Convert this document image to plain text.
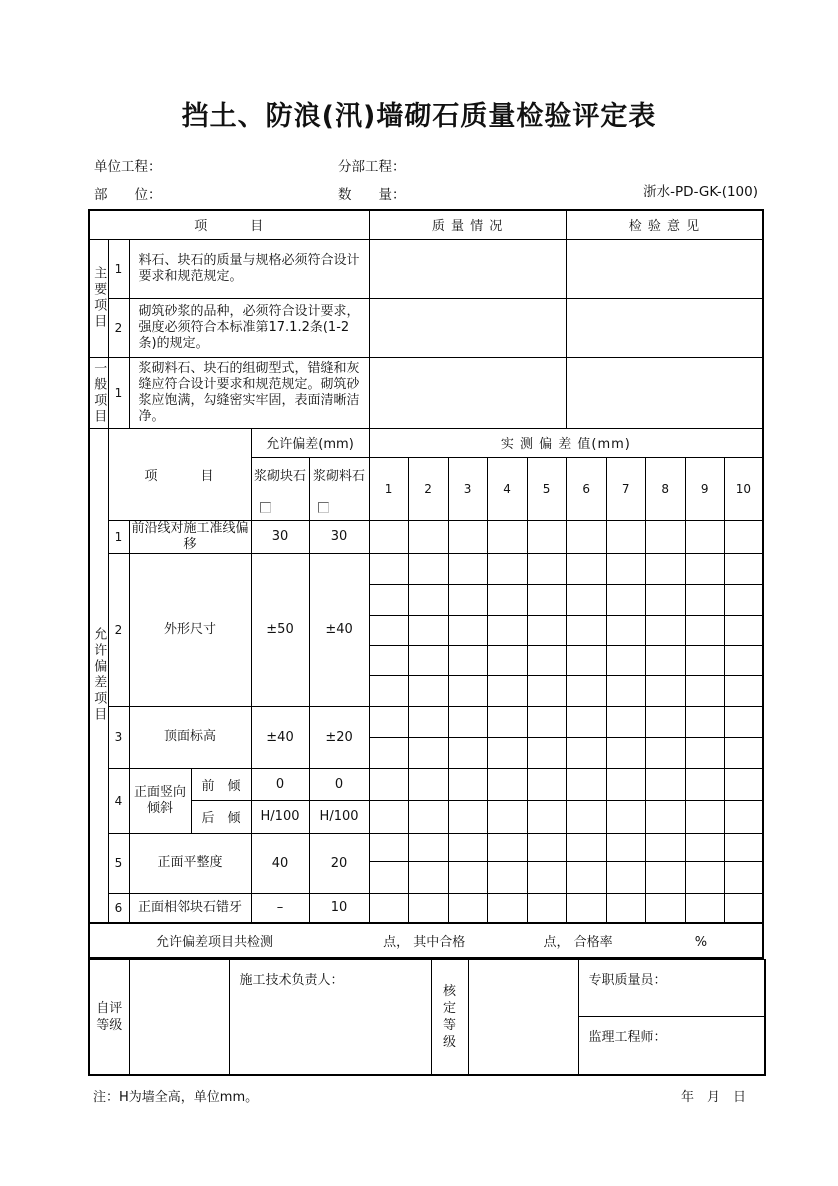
挡土、防浪(汛)墙砌石质量检验评定表
单位工程：	分部工程：
部　　位：	数　　量：	浙水-PD-GK-(100)
项　　　目						质 量 情 况					检 验 意 见				

主要项目	1	料石、块石的质量与规格必须符合设计要求和规范规定。													
	2	砌筑砂浆的品种，必须符合设计要求，强度必须符合本标准第17.1.2条(1-2条)的规定。													

一般项目	1	浆砌料石、块石的组砌型式，错缝和灰缝应符合设计要求和规范规定。砌筑砂浆应饱满，勾缝密实牢固，表面清晰洁净。													

允许偏差项目	项　　　目			允许偏差(mm)		实 测 偏 差 值(mm)									

				浆砌块石	浆砌料石	1	2	3	4	5	6	7	8	9	10
	1	前沿线对施工准线偏移		30	30										
	2	外形尺寸		±50	±40										

	3	顶面标高		±40	±20										

	4	正面竖向倾斜	前　倾	0	0										
			后　倾	H/100	H/100										
	5	正面平整度		40	20										

	6	正面相邻块石错牙		–	10										
允许偏差项目共检测 点， 其中合格 点， 合格率 %															
自评等级		施工技术负责人：	核定等级		专职质量员：
监理工程师：
注：H为墙全高，单位mm。	年　月　日
